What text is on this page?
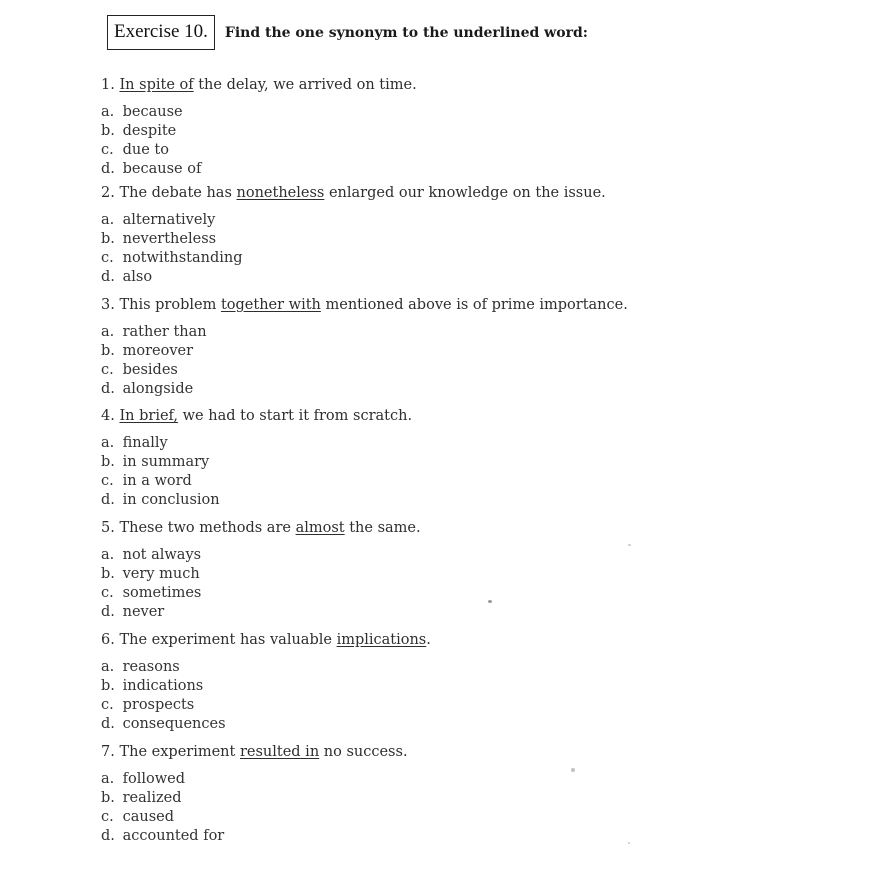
Exercise 10.	Find the one synonym to the underlined word:
1. In spite of the delay, we arrived on time.
a. because
b. despite
c. due to
d. because of
2. The debate has nonetheless enlarged our knowledge on the issue.
a. alternatively
b. nevertheless
c. notwithstanding
d. also
3. This problem together with mentioned above is of prime importance.
a. rather than
b. moreover
c. besides
d. alongside
4. In brief, we had to start it from scratch.
a. finally
b. in summary
c. in a word
d. in conclusion
5. These two methods are almost the same.
a. not always
b. very much
c. sometimes
d. never
6. The experiment has valuable implications.
a. reasons
b. indications
c. prospects
d. consequences
7. The experiment resulted in no success.
a. followed
b. realized
c. caused
d. accounted for
